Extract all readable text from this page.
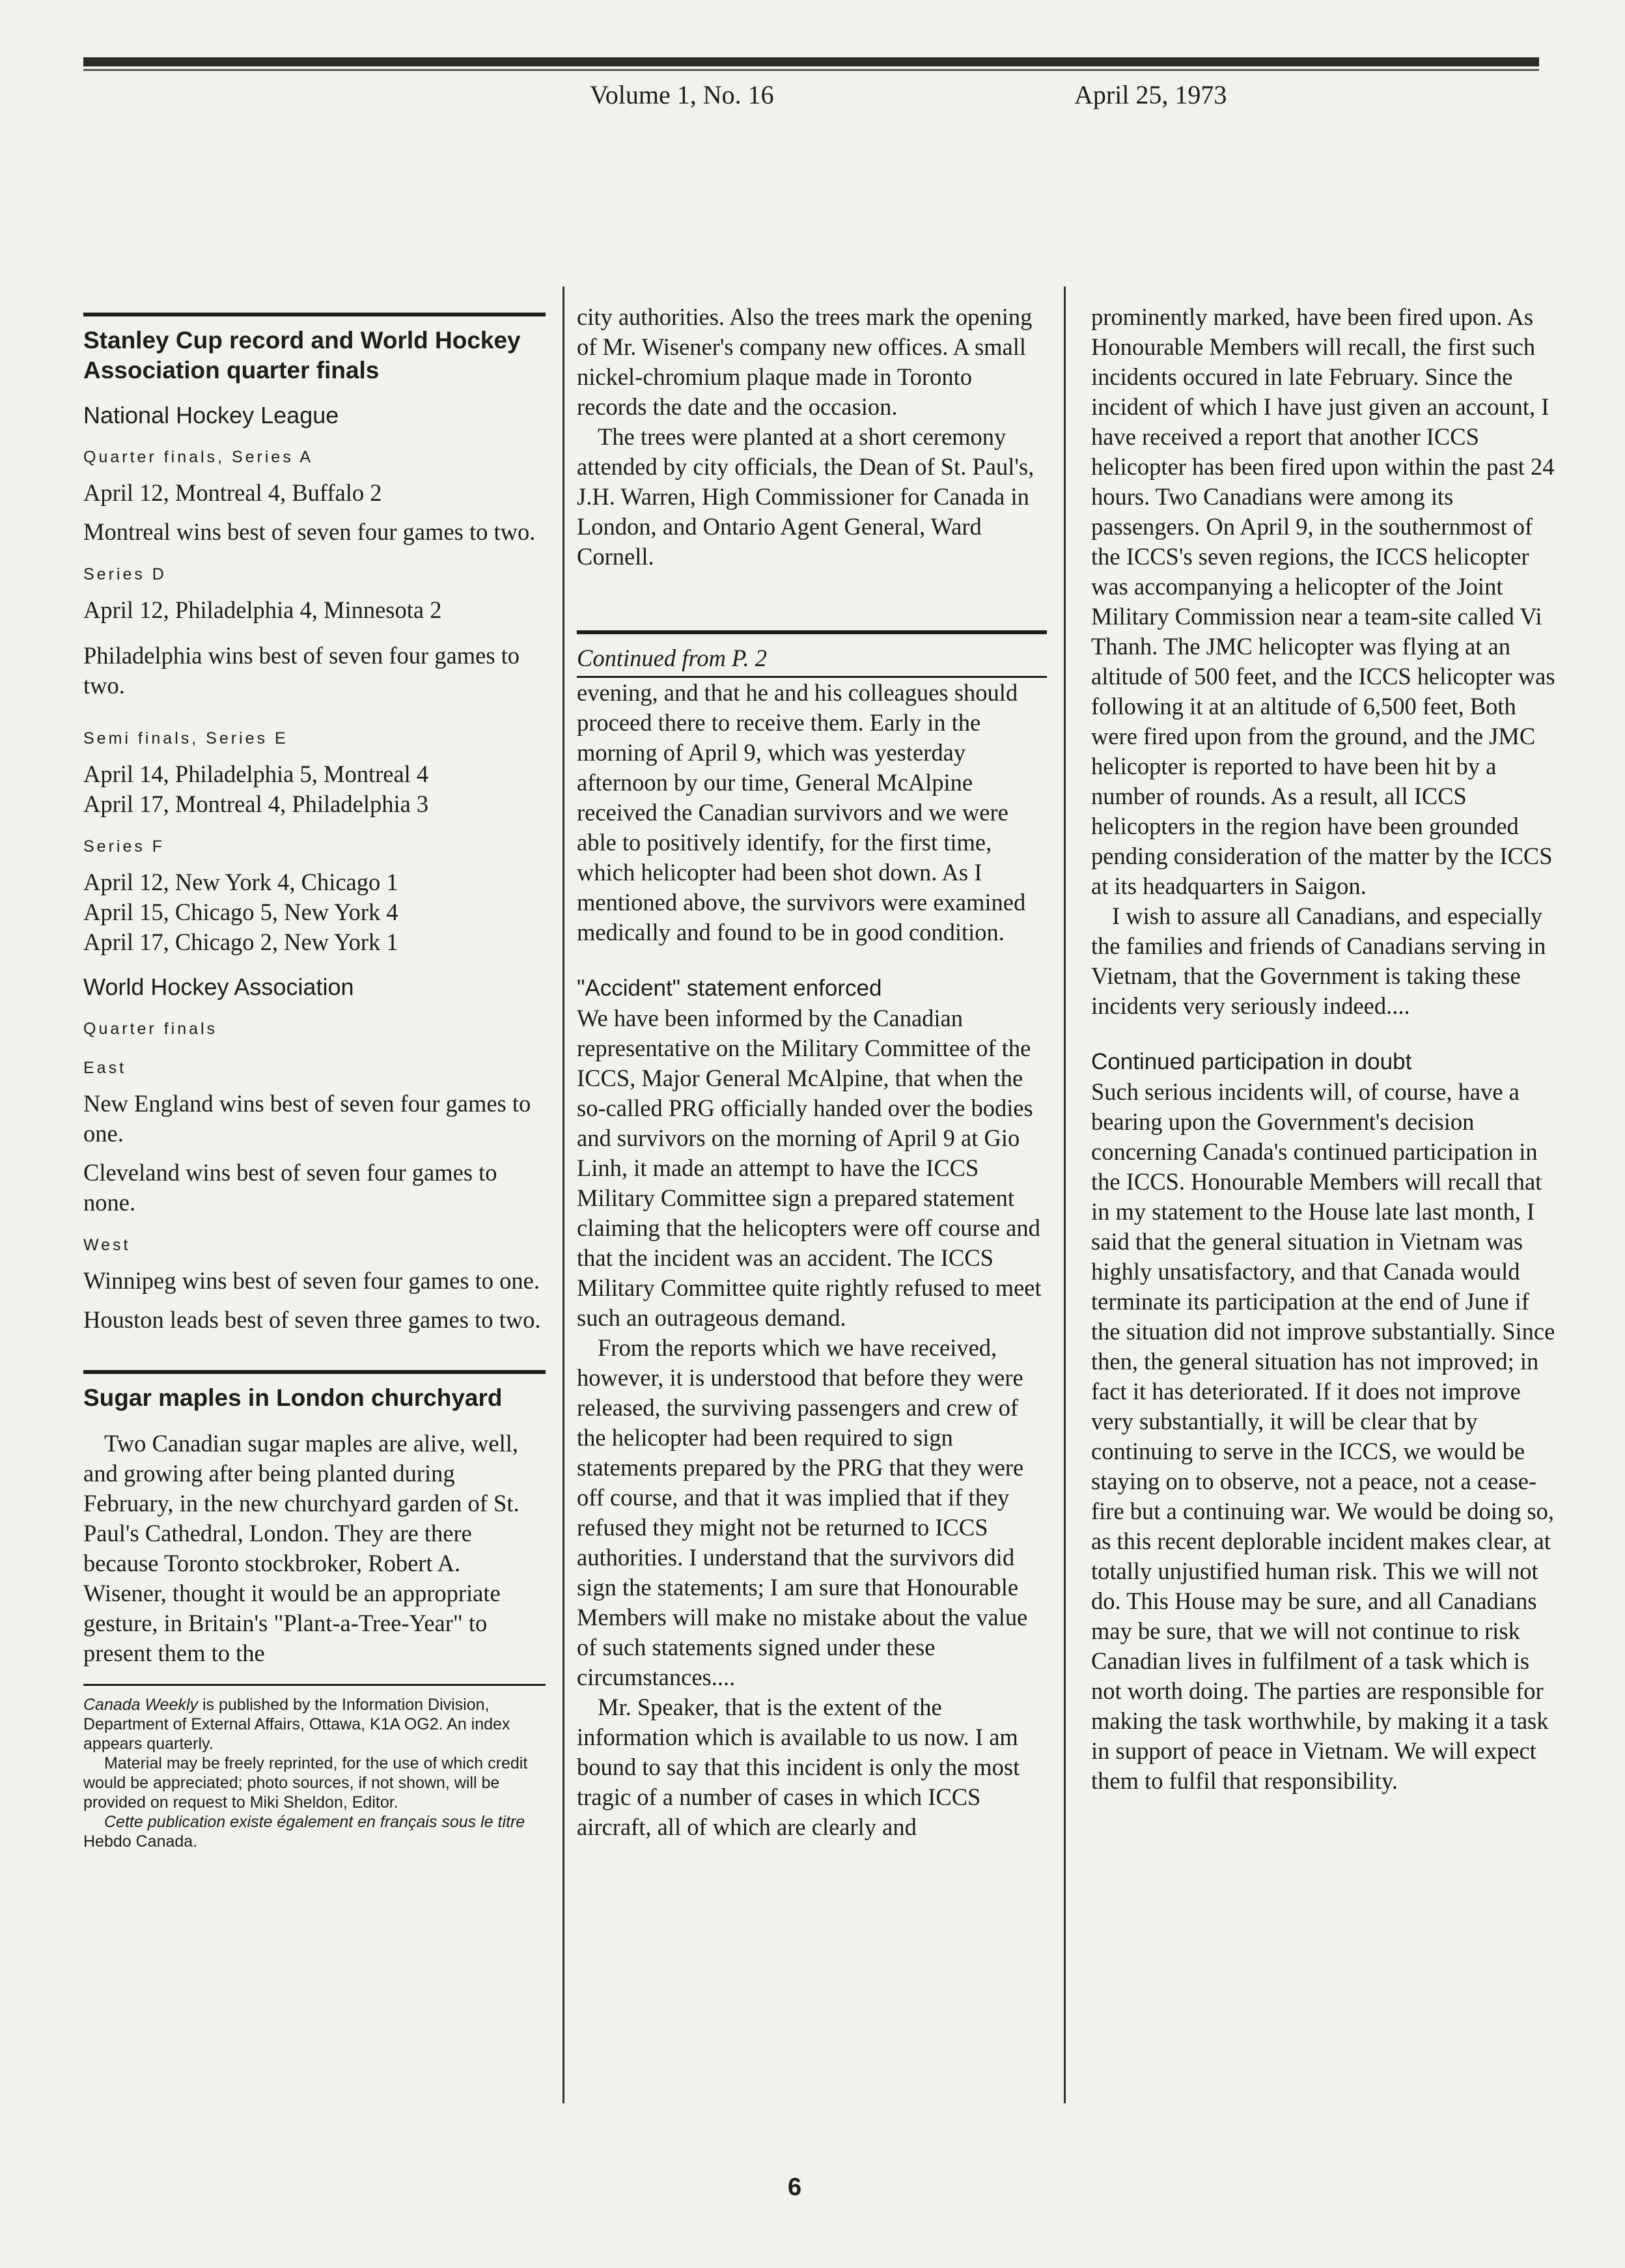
Volume 1, No. 16	April 25, 1973
Stanley Cup record and World Hockey Association quarter finals
National Hockey League
Quarter finals, Series A

April 12, Montreal 4, Buffalo 2

Montreal wins best of seven four games to two.

Series D

April 12, Philadelphia 4, Minnesota 2

Philadelphia wins best of seven four games to two.

Semi finals, Series E

April 14, Philadelphia 5, Montreal 4

April 17, Montreal 4, Philadelphia 3

Series F

April 12, New York 4, Chicago 1

April 15, Chicago 5, New York 4

April 17, Chicago 2, New York 1

World Hockey Association
Quarter finals
East

New England wins best of seven four games to one.

Cleveland wins best of seven four games to none.

West

Winnipeg wins best of seven four games to one.

Houston leads best of seven three games to two.

Sugar maples in London churchyard

Two Canadian sugar maples are alive, well, and growing after being planted during February, in the new churchyard garden of St. Paul's Cathedral, London. They are there because Toronto stockbroker, Robert A. Wisener, thought it would be an appropriate gesture, in Britain's "Plant-a-Tree-Year" to present them to the

Canada Weekly is published by the Information Division, Department of External Affairs, Ottawa, K1A OG2. An index appears quarterly.
Material may be freely reprinted, for the use of which credit would be appreciated; photo sources, if not shown, will be provided on request to Miki Sheldon, Editor.
Cette publication existe également en français sous le titre Hebdo Canada.

city authorities. Also the trees mark the opening of Mr. Wisener's company new offices. A small nickel-chromium plaque made in Toronto records the date and the occasion.

The trees were planted at a short ceremony attended by city officials, the Dean of St. Paul's, J.H. Warren, High Commissioner for Canada in London, and Ontario Agent General, Ward Cornell.

Continued from P. 2

evening, and that he and his colleagues should proceed there to receive them. Early in the morning of April 9, which was yesterday afternoon by our time, General McAlpine received the Canadian survivors and we were able to positively identify, for the first time, which helicopter had been shot down. As I mentioned above, the survivors were examined medically and found to be in good condition.

"Accident" statement enforced

We have been informed by the Canadian representative on the Military Committee of the ICCS, Major General McAlpine, that when the so-called PRG officially handed over the bodies and survivors on the morning of April 9 at Gio Linh, it made an attempt to have the ICCS Military Committee sign a prepared statement claiming that the helicopters were off course and that the incident was an accident. The ICCS Military Committee quite rightly refused to meet such an outrageous demand.

From the reports which we have received, however, it is understood that before they were released, the surviving passengers and crew of the helicopter had been required to sign statements prepared by the PRG that they were off course, and that it was implied that if they refused they might not be returned to ICCS authorities. I understand that the survivors did sign the statements; I am sure that Honourable Members will make no mistake about the value of such statements signed under these circumstances....

Mr. Speaker, that is the extent of the information which is available to us now. I am bound to say that this incident is only the most tragic of a number of cases in which ICCS aircraft, all of which are clearly and

prominently marked, have been fired upon. As Honourable Members will recall, the first such incidents occured in late February. Since the incident of which I have just given an account, I have received a report that another ICCS helicopter has been fired upon within the past 24 hours. Two Canadians were among its passengers. On April 9, in the southernmost of the ICCS's seven regions, the ICCS helicopter was accompanying a helicopter of the Joint Military Commission near a team-site called Vi Thanh. The JMC helicopter was flying at an altitude of 500 feet, and the ICCS helicopter was following it at an altitude of 6,500 feet, Both were fired upon from the ground, and the JMC helicopter is reported to have been hit by a number of rounds. As a result, all ICCS helicopters in the region have been grounded pending consideration of the matter by the ICCS at its headquarters in Saigon.

I wish to assure all Canadians, and especially the families and friends of Canadians serving in Vietnam, that the Government is taking these incidents very seriously indeed....

Continued participation in doubt

Such serious incidents will, of course, have a bearing upon the Government's decision concerning Canada's continued participation in the ICCS. Honourable Members will recall that in my statement to the House late last month, I said that the general situation in Vietnam was highly unsatisfactory, and that Canada would terminate its participation at the end of June if the situation did not improve substantially. Since then, the general situation has not improved; in fact it has deteriorated. If it does not improve very substantially, it will be clear that by continuing to serve in the ICCS, we would be staying on to observe, not a peace, not a cease-fire but a continuing war. We would be doing so, as this recent deplorable incident makes clear, at totally unjustified human risk. This we will not do. This House may be sure, and all Canadians may be sure, that we will not continue to risk Canadian lives in fulfilment of a task which is not worth doing. The parties are responsible for making the task worthwhile, by making it a task in support of peace in Vietnam. We will expect them to fulfil that responsibility.

6
